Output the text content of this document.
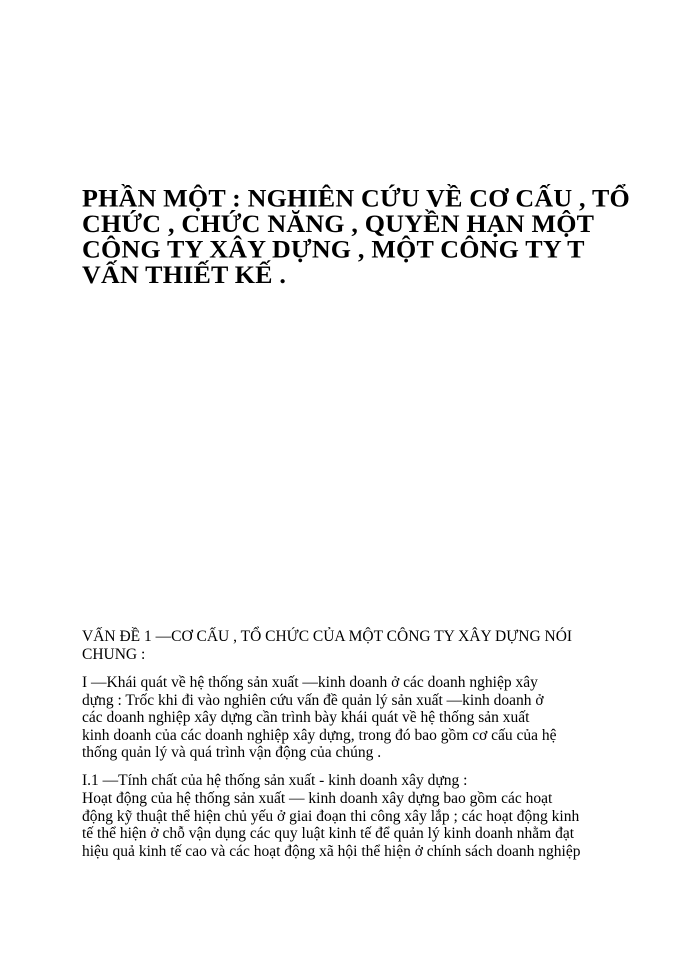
PHẦN MỘT : NGHIÊN CỨU VỀ CƠ CẤU , TỔ
CHỨC , CHỨC NĂNG , QUYỀN HẠN MỘT
CÔNG TY XÂY DỰNG , MỘT CÔNG TY T
VẤN THIẾT KẾ .
VẤN ĐỀ 1 —CƠ CẤU , TỔ CHỨC CỦA MỘT CÔNG TY XÂY DỰNG NÓI
CHUNG :

I —Khái quát về hệ thống sản xuất —kinh doanh ở các doanh nghiệp xây
dựng : Trốc khi đi vào nghiên cứu vấn đề quản lý sản xuất —kinh doanh ở
các doanh nghiệp xây dựng cần trình bày khái quát về hệ thống sản xuất
kinh doanh của các doanh nghiệp xây dựng, trong đó bao gồm cơ cấu của hệ
thống quản lý và quá trình vận động của chúng .

I.1 —Tính chất của hệ thống sản xuất - kinh doanh xây dựng :

Hoạt động của hệ thống sản xuất — kinh doanh xây dựng bao gồm các hoạt
động kỹ thuật thể hiện chủ yếu ở giai đoạn thi công xây lắp ; các hoạt động kinh
tế thể hiện ở chỗ vận dụng các quy luật kinh tế để quản lý kinh doanh nhằm đạt
hiệu quả kinh tế cao và các hoạt động xã hội thể hiện ở chính sách doanh nghiệp
